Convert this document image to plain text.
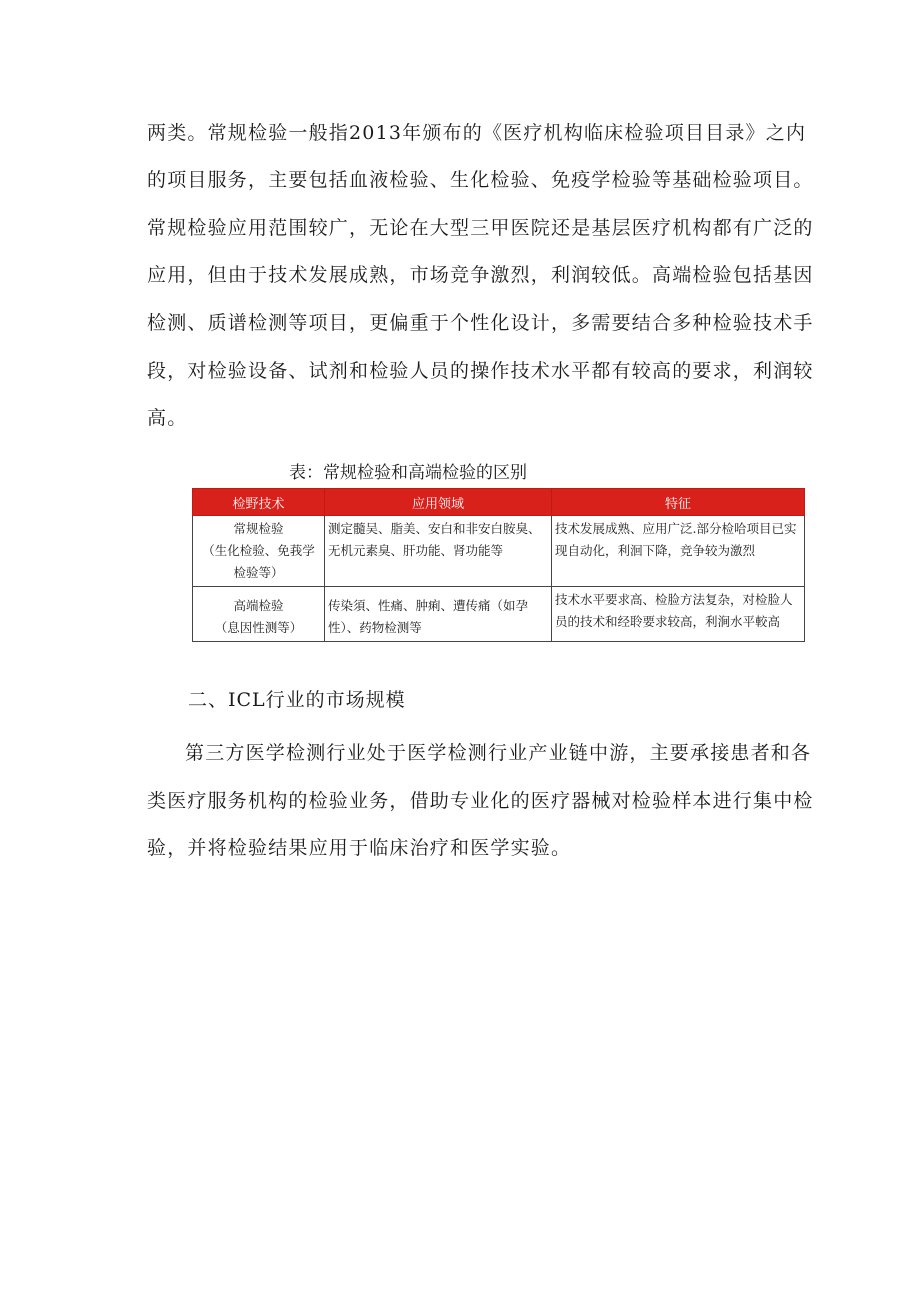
两类。常规检验一般指2013年颁布的《医疗机构临床检验项目目录》之内
的项目服务，主要包括血液检验、生化检验、免疫学检验等基础检验项目。
常规检验应用范围较广，无论在大型三甲医院还是基层医疗机构都有广泛的
应用，但由于技术发展成熟，市场竞争激烈，利润较低。高端检验包括基因
检测、质谱检测等项目，更偏重于个性化设计，多需要结合多种检验技术手
段，对检验设备、试剂和检验人员的操作技术水平都有较高的要求，利润较
高。
表：常规检验和高端检验的区别
检野技术	应用领域	特征

常规检验
（生化检验、免莪学
检验等）	测定髓吴、脂美、安白和非安白胺臭、无机元素臭、肝功能、肾功能等	技术发展成熟、应用广泛.部分检哈项目已实现自动化，利洄下降，竞争较为激烈

高端检验
（息因性测等）	传染須、性痛、肿痢、遭传痛（如孕性）、药物检测等	技术水平要求高、检脸方法复杂，对检脸人员的技术和经聆要求较高，利涧水平較高
二、ICL行业的市场规模
第三方医学检测行业处于医学检测行业产业链中游，主要承接患者和各
类医疗服务机构的检验业务，借助专业化的医疗器械对检验样本进行集中检
验，并将检验结果应用于临床治疗和医学实验。
